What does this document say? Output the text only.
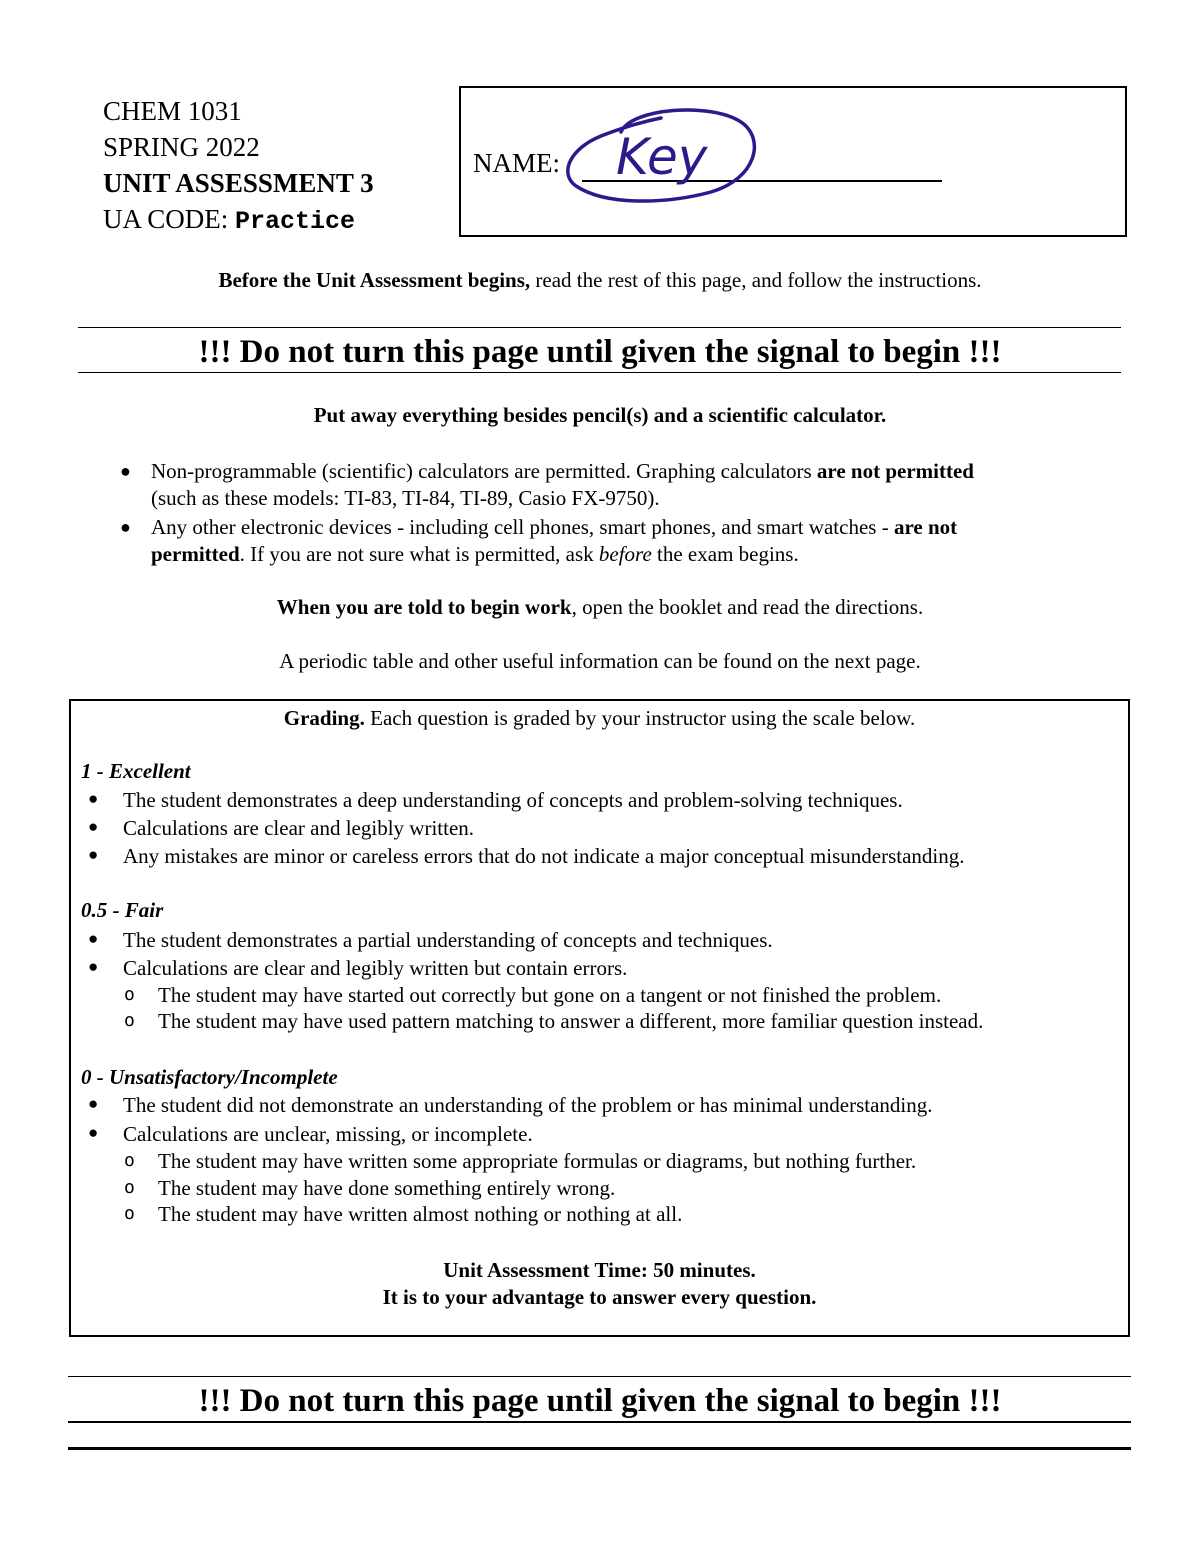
CHEM 1031
SPRING 2022
UNIT ASSESSMENT 3
UA CODE: Practice
NAME: Key
Before the Unit Assessment begins, read the rest of this page, and follow the instructions.
!!! Do not turn this page until given the signal to begin !!!
Put away everything besides pencil(s) and a scientific calculator.
● Non-programmable (scientific) calculators are permitted. Graphing calculators are not permitted
(such as these models: TI-83, TI-84, TI-89, Casio FX-9750).
● Any other electronic devices - including cell phones, smart phones, and smart watches - are not
permitted. If you are not sure what is permitted, ask before the exam begins.
When you are told to begin work, open the booklet and read the directions.
A periodic table and other useful information can be found on the next page.
Grading. Each question is graded by your instructor using the scale below.
1 - Excellent
● The student demonstrates a deep understanding of concepts and problem-solving techniques.
● Calculations are clear and legibly written.
● Any mistakes are minor or careless errors that do not indicate a major conceptual misunderstanding.
0.5 - Fair
● The student demonstrates a partial understanding of concepts and techniques.
● Calculations are clear and legibly written but contain errors.
o The student may have started out correctly but gone on a tangent or not finished the problem.
o The student may have used pattern matching to answer a different, more familiar question instead.
0 - Unsatisfactory/Incomplete
● The student did not demonstrate an understanding of the problem or has minimal understanding.
● Calculations are unclear, missing, or incomplete.
o The student may have written some appropriate formulas or diagrams, but nothing further.
o The student may have done something entirely wrong.
o The student may have written almost nothing or nothing at all.
Unit Assessment Time: 50 minutes.
It is to your advantage to answer every question.
!!! Do not turn this page until given the signal to begin !!!
